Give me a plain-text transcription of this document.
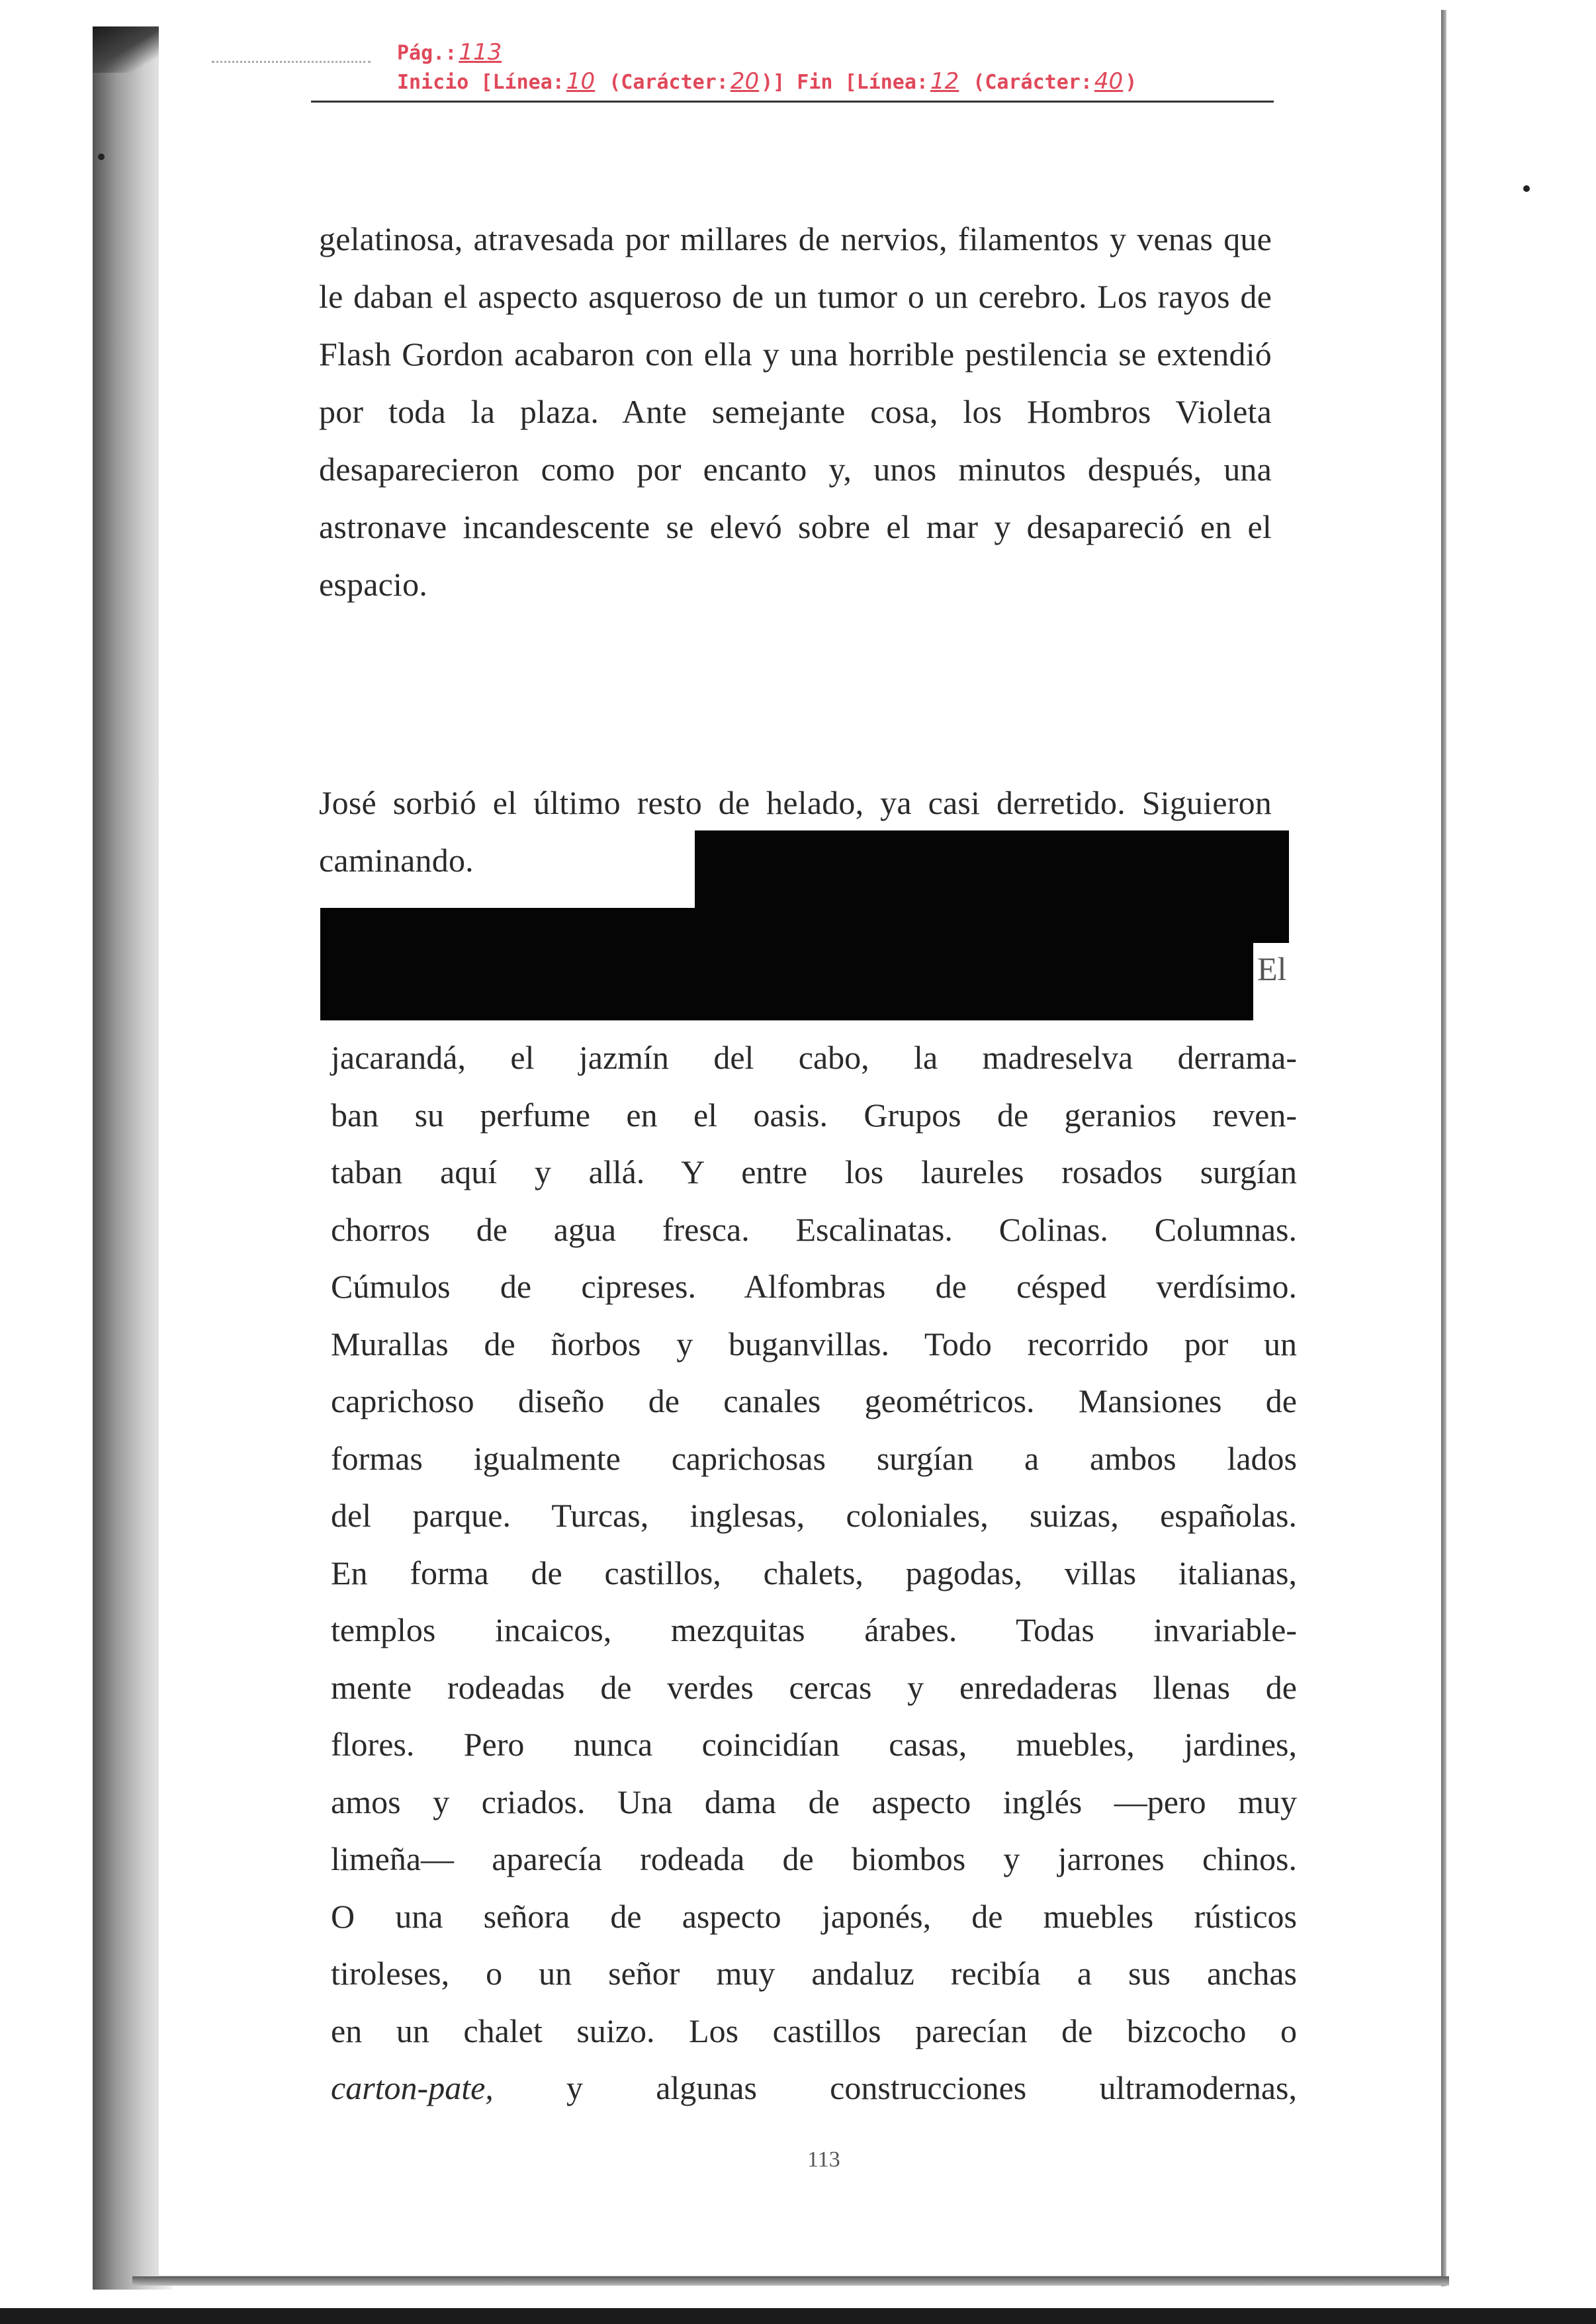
Pág.:113
Inicio [Línea:10 (Carácter:20 )] Fin [Línea:12 (Carácter:40 )

gelatinosa, atravesada por millares de nervios, filamentos y venas que le daban el aspecto asqueroso de un tumor o un cerebro. Los rayos de Flash Gordon acabaron con ella y una horrible pestilencia se extendió por toda la plaza. Ante semejante cosa, los Hombros Violeta desaparecieron como por encanto y, unos minutos después, una astronave incandescente se elevó sobre el mar y desapareció en el espacio.

José sorbió el último resto de helado, ya casi derretido. Siguieron caminando.

El
jacarandá, el jazmín del cabo, la madreselva derrama-
ban su perfume en el oasis. Grupos de geranios reven-
taban aquí y allá. Y entre los laureles rosados surgían
chorros de agua fresca. Escalinatas. Colinas. Columnas.
Cúmulos de cipreses. Alfombras de césped verdísimo.
Murallas de ñorbos y buganvillas. Todo recorrido por un
caprichoso diseño de canales geométricos. Mansiones de
formas igualmente caprichosas surgían a ambos lados
del parque. Turcas, inglesas, coloniales, suizas, españolas.
En forma de castillos, chalets, pagodas, villas italianas,
templos incaicos, mezquitas árabes. Todas invariable-
mente rodeadas de verdes cercas y enredaderas llenas de
flores. Pero nunca coincidían casas, muebles, jardines,
amos y criados. Una dama de aspecto inglés —pero muy
limeña— aparecía rodeada de biombos y jarrones chinos.
O una señora de aspecto japonés, de muebles rústicos
tiroleses, o un señor muy andaluz recibía a sus anchas
en un chalet suizo. Los castillos parecían de bizcocho o
carton-pate, y algunas construcciones ultramodernas,
113
